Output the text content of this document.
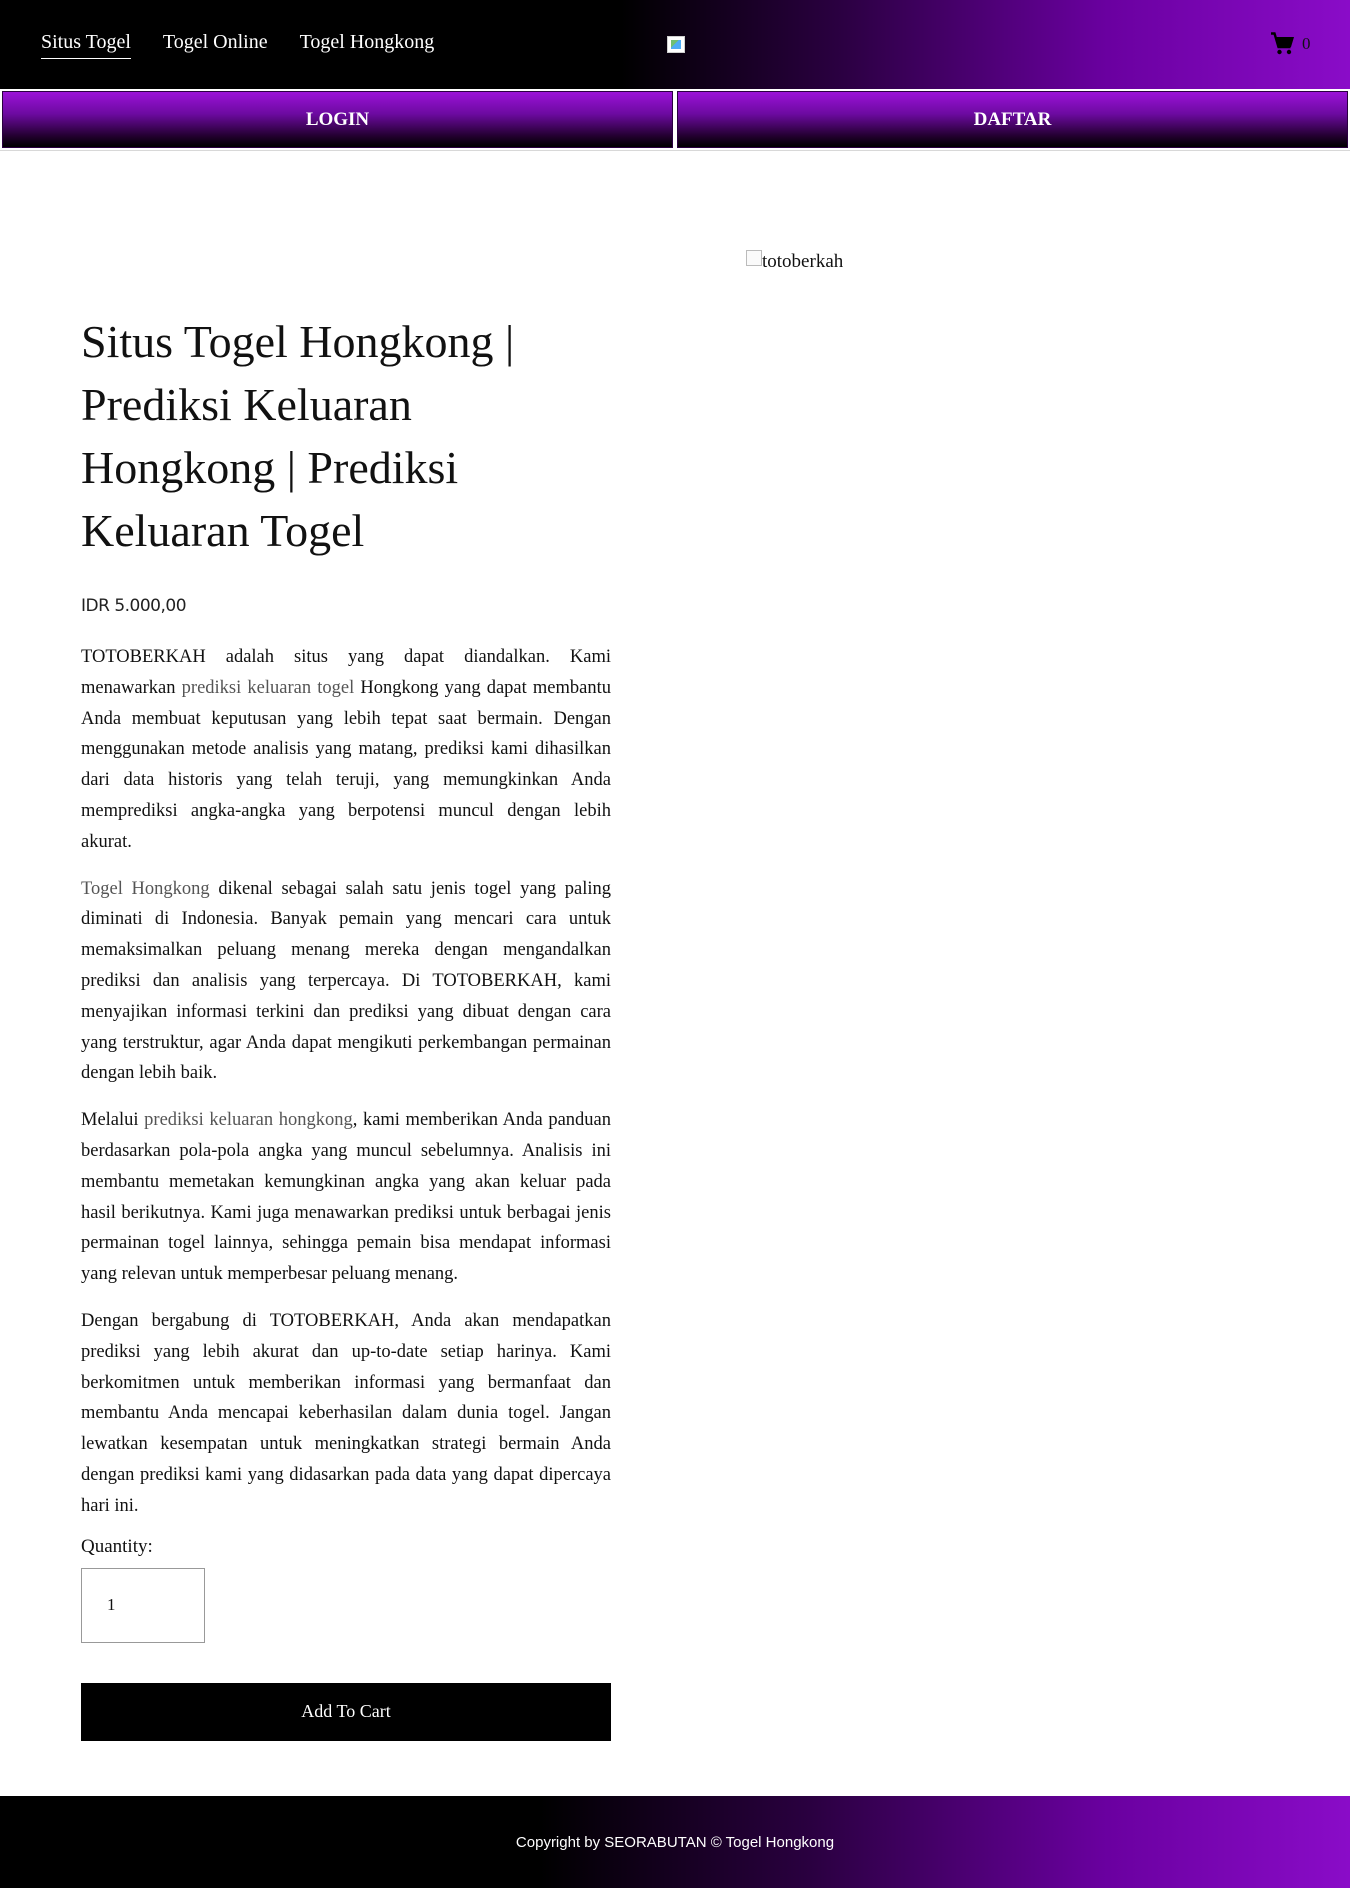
Situs Togel Togel Online Togel Hongkong	0
LOGIN	DAFTAR
totoberkah
Situs Togel Hongkong | Prediksi Keluaran Hongkong | Prediksi Keluaran Togel
IDR 5.000,00

TOTOBERKAH adalah situs yang dapat diandalkan. Kami menawarkan prediksi keluaran togel Hongkong yang dapat membantu Anda membuat keputusan yang lebih tepat saat bermain. Dengan menggunakan metode analisis yang matang, prediksi kami dihasilkan dari data historis yang telah teruji, yang memungkinkan Anda memprediksi angka-angka yang berpotensi muncul dengan lebih akurat.

Togel Hongkong dikenal sebagai salah satu jenis togel yang paling diminati di Indonesia. Banyak pemain yang mencari cara untuk memaksimalkan peluang menang mereka dengan mengandalkan prediksi dan analisis yang terpercaya. Di TOTOBERKAH, kami menyajikan informasi terkini dan prediksi yang dibuat dengan cara yang terstruktur, agar Anda dapat mengikuti perkembangan permainan dengan lebih baik.

Melalui prediksi keluaran hongkong, kami memberikan Anda panduan berdasarkan pola-pola angka yang muncul sebelumnya. Analisis ini membantu memetakan kemungkinan angka yang akan keluar pada hasil berikutnya. Kami juga menawarkan prediksi untuk berbagai jenis permainan togel lainnya, sehingga pemain bisa mendapat informasi yang relevan untuk memperbesar peluang menang.

Dengan bergabung di TOTOBERKAH, Anda akan mendapatkan prediksi yang lebih akurat dan up-to-date setiap harinya. Kami berkomitmen untuk memberikan informasi yang bermanfaat dan membantu Anda mencapai keberhasilan dalam dunia togel. Jangan lewatkan kesempatan untuk meningkatkan strategi bermain Anda dengan prediksi kami yang didasarkan pada data yang dapat dipercaya hari ini.

Quantity:
1
Add To Cart
Copyright by SEORABUTAN © Togel Hongkong
